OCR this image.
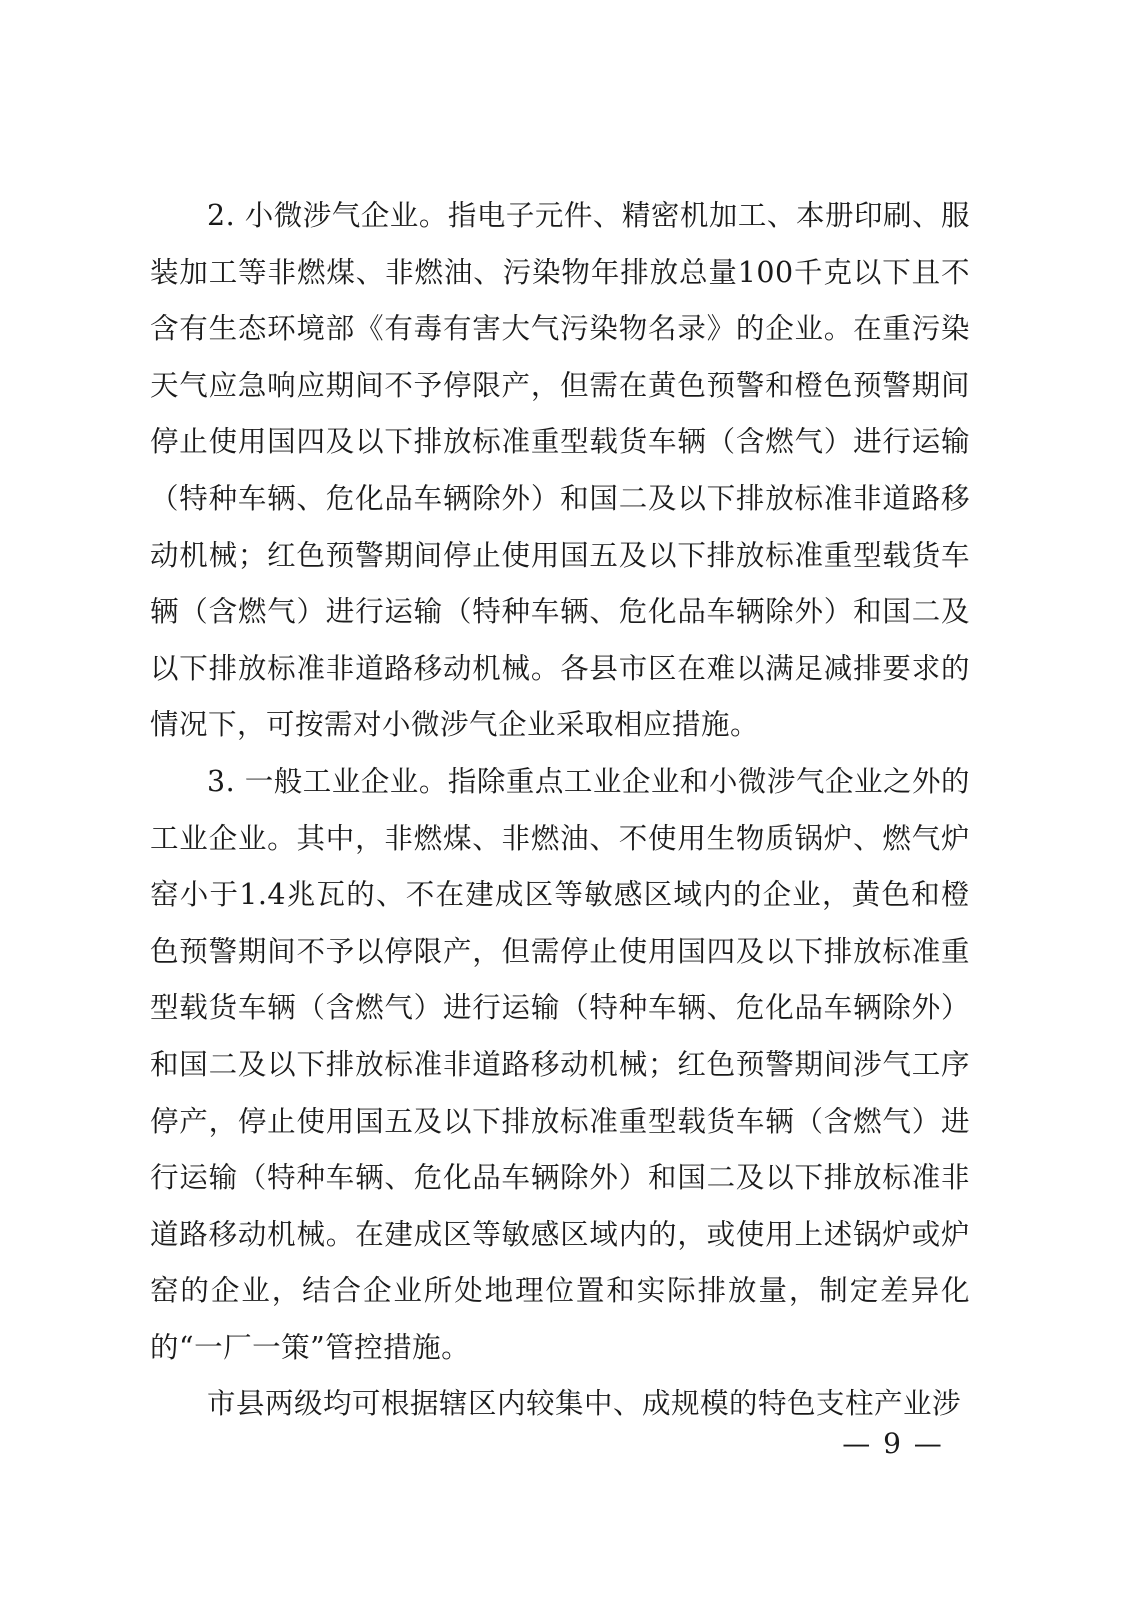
2. 小微涉气企业。指电子元件、精密机加工、本册印刷、服装加工等非燃煤、非燃油、污染物年排放总量100千克以下且不含有生态环境部《有毒有害大气污染物名录》的企业。在重污染天气应急响应期间不予停限产，但需在黄色预警和橙色预警期间停止使用国四及以下排放标准重型载货车辆（含燃气）进行运输（特种车辆、危化品车辆除外）和国二及以下排放标准非道路移动机械；红色预警期间停止使用国五及以下排放标准重型载货车辆（含燃气）进行运输（特种车辆、危化品车辆除外）和国二及以下排放标准非道路移动机械。各县市区在难以满足减排要求的情况下，可按需对小微涉气企业采取相应措施。

3. 一般工业企业。指除重点工业企业和小微涉气企业之外的工业企业。其中，非燃煤、非燃油、不使用生物质锅炉、燃气炉窑小于1.4兆瓦的、不在建成区等敏感区域内的企业，黄色和橙色预警期间不予以停限产，但需停止使用国四及以下排放标准重型载货车辆（含燃气）进行运输（特种车辆、危化品车辆除外）和国二及以下排放标准非道路移动机械；红色预警期间涉气工序停产，停止使用国五及以下排放标准重型载货车辆（含燃气）进行运输（特种车辆、危化品车辆除外）和国二及以下排放标准非道路移动机械。在建成区等敏感区域内的，或使用上述锅炉或炉窑的企业，结合企业所处地理位置和实际排放量，制定差异化的“一厂一策”管控措施。

市县两级均可根据辖区内较集中、成规模的特色支柱产业涉

— 9 —
